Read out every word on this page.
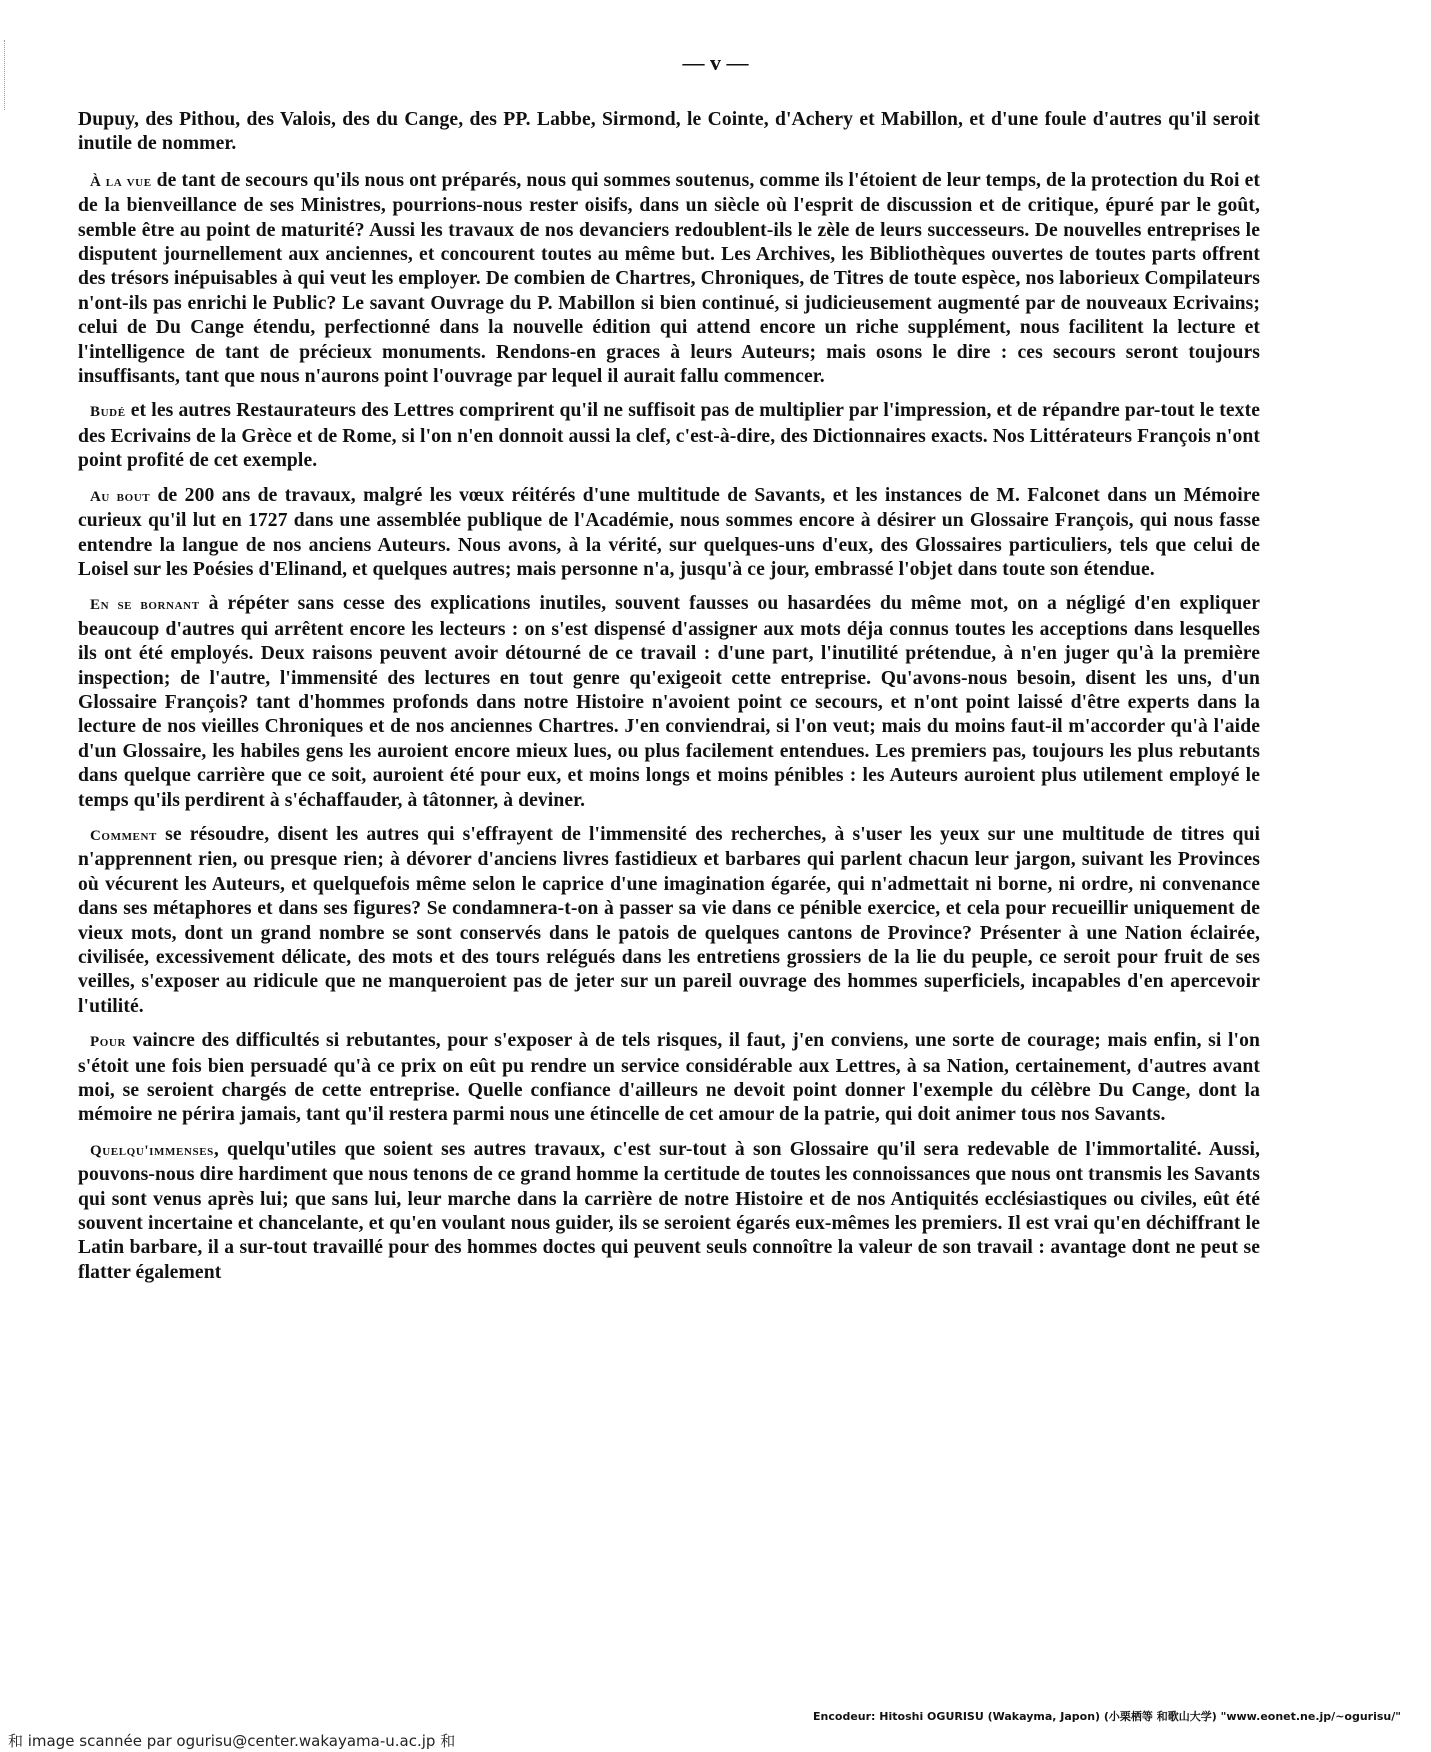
— v —

Dupuy, des Pithou, des Valois, des du Cange, des PP. Labbe, Sirmond, le Cointe, d'Achery et Mabillon, et d'une foule d'autres qu'il seroit inutile de nommer.

À la vue de tant de secours qu'ils nous ont préparés, nous qui sommes soutenus, comme ils l'étoient de leur temps, de la protection du Roi et de la bienveillance de ses Ministres, pourrions-nous rester oisifs, dans un siècle où l'esprit de discussion et de critique, épuré par le goût, semble être au point de maturité? Aussi les travaux de nos devanciers redoublent-ils le zèle de leurs successeurs. De nouvelles entreprises le disputent journellement aux anciennes, et concourent toutes au même but. Les Archives, les Bibliothèques ouvertes de toutes parts offrent des trésors inépuisables à qui veut les employer. De combien de Chartres, Chroniques, de Titres de toute espèce, nos laborieux Compilateurs n'ont-ils pas enrichi le Public? Le savant Ouvrage du P. Mabillon si bien continué, si judicieusement augmenté par de nouveaux Ecrivains; celui de Du Cange étendu, perfectionné dans la nouvelle édition qui attend encore un riche supplément, nous facilitent la lecture et l'intelligence de tant de précieux monuments. Rendons-en graces à leurs Auteurs; mais osons le dire : ces secours seront toujours insuffisants, tant que nous n'aurons point l'ouvrage par lequel il aurait fallu commencer.

Budé et les autres Restaurateurs des Lettres comprirent qu'il ne suffisoit pas de multiplier par l'impression, et de répandre par-tout le texte des Ecrivains de la Grèce et de Rome, si l'on n'en donnoit aussi la clef, c'est-à-dire, des Dictionnaires exacts. Nos Littérateurs François n'ont point profité de cet exemple.

Au bout de 200 ans de travaux, malgré les vœux réitérés d'une multitude de Savants, et les instances de M. Falconet dans un Mémoire curieux qu'il lut en 1727 dans une assemblée publique de l'Académie, nous sommes encore à désirer un Glossaire François, qui nous fasse entendre la langue de nos anciens Auteurs. Nous avons, à la vérité, sur quelques-uns d'eux, des Glossaires particuliers, tels que celui de Loisel sur les Poésies d'Elinand, et quelques autres; mais personne n'a, jusqu'à ce jour, embrassé l'objet dans toute son étendue.

En se bornant à répéter sans cesse des explications inutiles, souvent fausses ou hasardées du même mot, on a négligé d'en expliquer beaucoup d'autres qui arrêtent encore les lecteurs : on s'est dispensé d'assigner aux mots déja connus toutes les acceptions dans lesquelles ils ont été employés. Deux raisons peuvent avoir détourné de ce travail : d'une part, l'inutilité prétendue, à n'en juger qu'à la première inspection; de l'autre, l'immensité des lectures en tout genre qu'exigeoit cette entreprise. Qu'avons-nous besoin, disent les uns, d'un Glossaire François? tant d'hommes profonds dans notre Histoire n'avoient point ce secours, et n'ont point laissé d'être experts dans la lecture de nos vieilles Chroniques et de nos anciennes Chartres. J'en conviendrai, si l'on veut; mais du moins faut-il m'accorder qu'à l'aide d'un Glossaire, les habiles gens les auroient encore mieux lues, ou plus facilement entendues. Les premiers pas, toujours les plus rebutants dans quelque carrière que ce soit, auroient été pour eux, et moins longs et moins pénibles : les Auteurs auroient plus utilement employé le temps qu'ils perdirent à s'échaffauder, à tâtonner, à deviner.

Comment se résoudre, disent les autres qui s'effrayent de l'immensité des recherches, à s'user les yeux sur une multitude de titres qui n'apprennent rien, ou presque rien; à dévorer d'anciens livres fastidieux et barbares qui parlent chacun leur jargon, suivant les Provinces où vécurent les Auteurs, et quelquefois même selon le caprice d'une imagination égarée, qui n'admettait ni borne, ni ordre, ni convenance dans ses métaphores et dans ses figures? Se condamnera-t-on à passer sa vie dans ce pénible exercice, et cela pour recueillir uniquement de vieux mots, dont un grand nombre se sont conservés dans le patois de quelques cantons de Province? Présenter à une Nation éclairée, civilisée, excessivement délicate, des mots et des tours relégués dans les entretiens grossiers de la lie du peuple, ce seroit pour fruit de ses veilles, s'exposer au ridicule que ne manqueroient pas de jeter sur un pareil ouvrage des hommes superficiels, incapables d'en apercevoir l'utilité.

Pour vaincre des difficultés si rebutantes, pour s'exposer à de tels risques, il faut, j'en conviens, une sorte de courage; mais enfin, si l'on s'étoit une fois bien persuadé qu'à ce prix on eût pu rendre un service considérable aux Lettres, à sa Nation, certainement, d'autres avant moi, se seroient chargés de cette entreprise. Quelle confiance d'ailleurs ne devoit point donner l'exemple du célèbre Du Cange, dont la mémoire ne périra jamais, tant qu'il restera parmi nous une étincelle de cet amour de la patrie, qui doit animer tous nos Savants.

Quelqu'immenses, quelqu'utiles que soient ses autres travaux, c'est sur-tout à son Glossaire qu'il sera redevable de l'immortalité. Aussi, pouvons-nous dire hardiment que nous tenons de ce grand homme la certitude de toutes les connoissances que nous ont transmis les Savants qui sont venus après lui; que sans lui, leur marche dans la carrière de notre Histoire et de nos Antiquités ecclésiastiques ou civiles, eût été souvent incertaine et chancelante, et qu'en voulant nous guider, ils se seroient égarés eux-mêmes les premiers. Il est vrai qu'en déchiffrant le Latin barbare, il a sur-tout travaillé pour des hommes doctes qui peuvent seuls connoître la valeur de son travail : avantage dont ne peut se flatter également

Encodeur: Hitoshi OGURISU (Wakayma, Japon) (小栗栖等 和歌山大学) "www.eonet.ne.jp/~ogurisu/"
和 image scannée par ogurisu@center.wakayama-u.ac.jp 和
